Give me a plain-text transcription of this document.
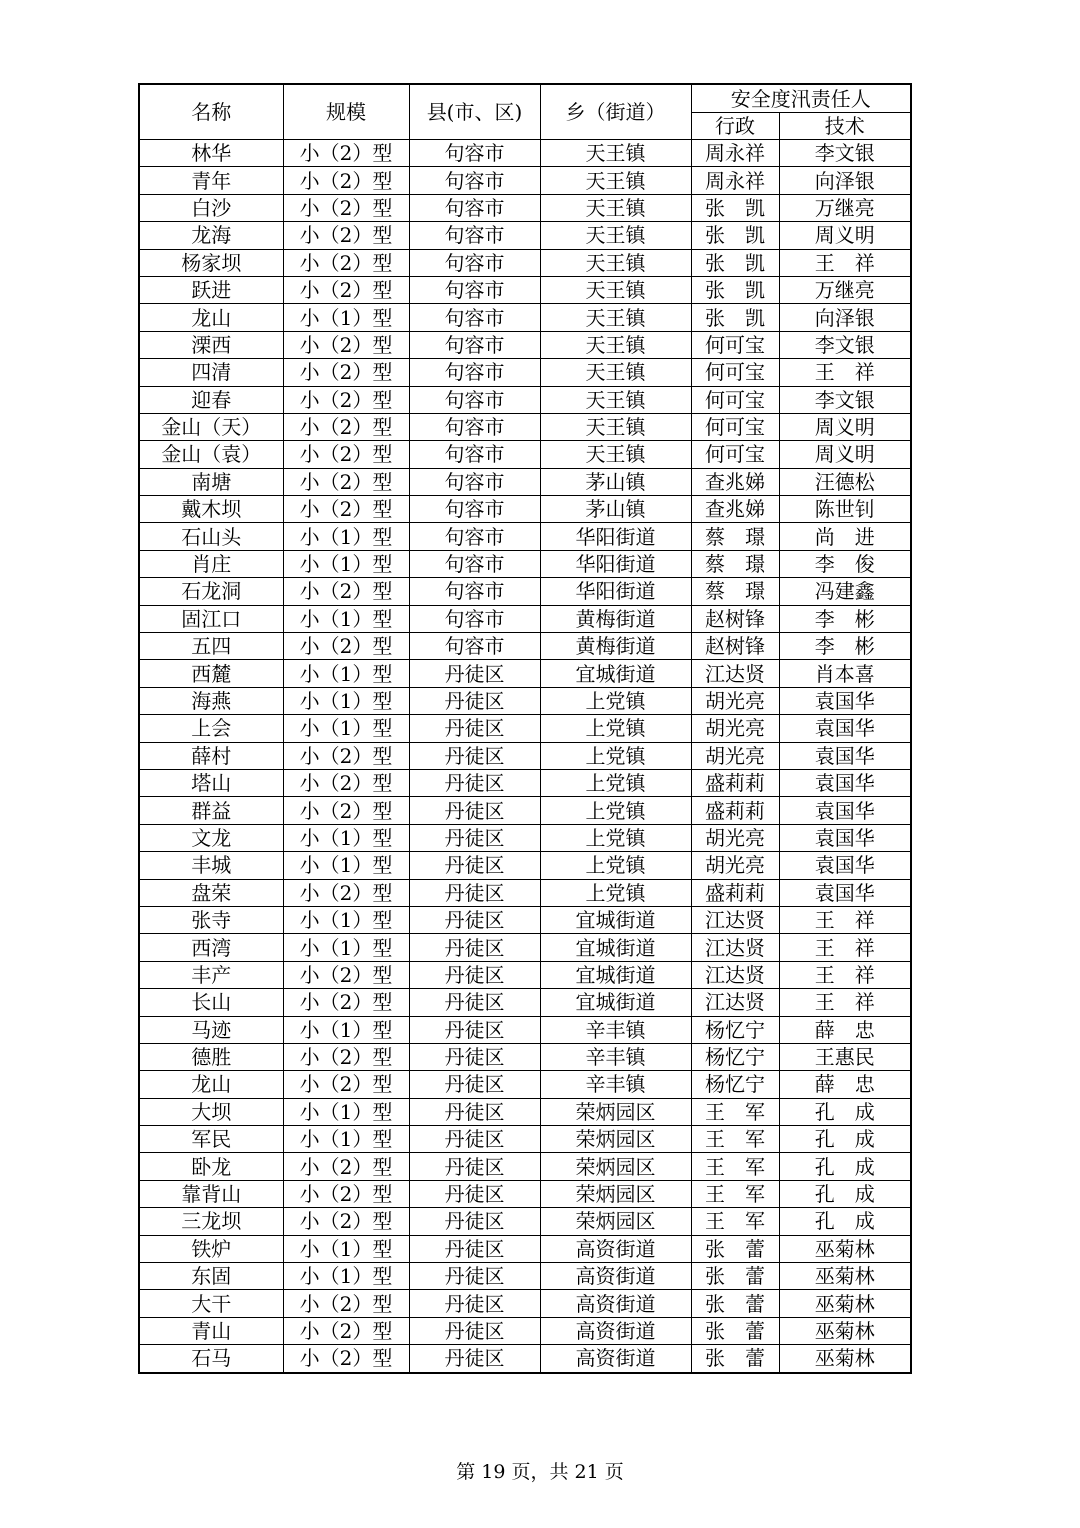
名称	规模	县(市、区)	乡（街道）	安全度汛责任人	
				行政	技术
林华	小（2）型	句容市	天王镇	周永祥	李文银
青年	小（2）型	句容市	天王镇	周永祥	向泽银
白沙	小（2）型	句容市	天王镇	张　凯	万继亮
龙海	小（2）型	句容市	天王镇	张　凯	周义明
杨家坝	小（2）型	句容市	天王镇	张　凯	王　祥
跃进	小（2）型	句容市	天王镇	张　凯	万继亮
龙山	小（1）型	句容市	天王镇	张　凯	向泽银
溧西	小（2）型	句容市	天王镇	何可宝	李文银
四清	小（2）型	句容市	天王镇	何可宝	王　祥
迎春	小（2）型	句容市	天王镇	何可宝	李文银
金山（天）	小（2）型	句容市	天王镇	何可宝	周义明
金山（袁）	小（2）型	句容市	天王镇	何可宝	周义明
南塘	小（2）型	句容市	茅山镇	查兆娣	汪德松
戴木坝	小（2）型	句容市	茅山镇	查兆娣	陈世钊
石山头	小（1）型	句容市	华阳街道	蔡　璟	尚　进
肖庄	小（1）型	句容市	华阳街道	蔡　璟	李　俊
石龙洞	小（2）型	句容市	华阳街道	蔡　璟	冯建鑫
固江口	小（1）型	句容市	黄梅街道	赵树锋	李　彬
五四	小（2）型	句容市	黄梅街道	赵树锋	李　彬
西麓	小（1）型	丹徒区	宜城街道	江达贤	肖本喜
海燕	小（1）型	丹徒区	上党镇	胡光亮	袁国华
上会	小（1）型	丹徒区	上党镇	胡光亮	袁国华
薛村	小（2）型	丹徒区	上党镇	胡光亮	袁国华
塔山	小（2）型	丹徒区	上党镇	盛莉莉	袁国华
群益	小（2）型	丹徒区	上党镇	盛莉莉	袁国华
文龙	小（1）型	丹徒区	上党镇	胡光亮	袁国华
丰城	小（1）型	丹徒区	上党镇	胡光亮	袁国华
盘荣	小（2）型	丹徒区	上党镇	盛莉莉	袁国华
张寺	小（1）型	丹徒区	宜城街道	江达贤	王　祥
西湾	小（1）型	丹徒区	宜城街道	江达贤	王　祥
丰产	小（2）型	丹徒区	宜城街道	江达贤	王　祥
长山	小（2）型	丹徒区	宜城街道	江达贤	王　祥
马迹	小（1）型	丹徒区	辛丰镇	杨忆宁	薛　忠
德胜	小（2）型	丹徒区	辛丰镇	杨忆宁	王惠民
龙山	小（2）型	丹徒区	辛丰镇	杨忆宁	薛　忠
大坝	小（1）型	丹徒区	荣炳园区	王　军	孔　成
军民	小（1）型	丹徒区	荣炳园区	王　军	孔　成
卧龙	小（2）型	丹徒区	荣炳园区	王　军	孔　成
靠背山	小（2）型	丹徒区	荣炳园区	王　军	孔　成
三龙坝	小（2）型	丹徒区	荣炳园区	王　军	孔　成
铁炉	小（1）型	丹徒区	高资街道	张　蕾	巫菊林
东固	小（1）型	丹徒区	高资街道	张　蕾	巫菊林
大干	小（2）型	丹徒区	高资街道	张　蕾	巫菊林
青山	小（2）型	丹徒区	高资街道	张　蕾	巫菊林
石马	小（2）型	丹徒区	高资街道	张　蕾	巫菊林
第 19 页，共 21 页
